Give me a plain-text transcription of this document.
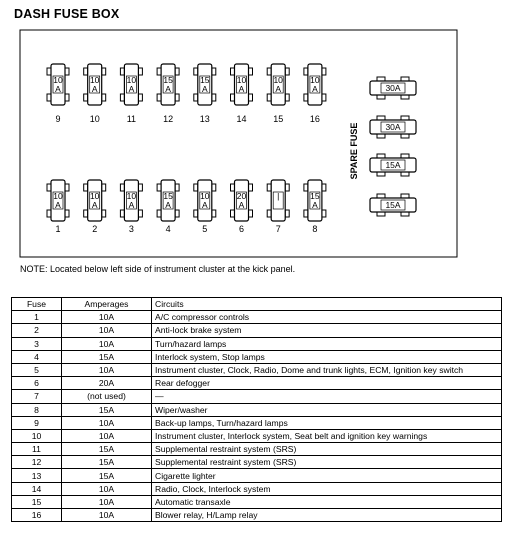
DASH FUSE BOX
10
A
9
10
A
10
10
A
11
15
A
12
15
A
13
10
A
14
10
A
15
10
A
16
10
A
1
10
A
2
10
A
3
15
A
4
10
A
5
20
A
6
|
7
15
A
8
30A
30A
15A
15A
SPARE FUSE
NOTE: Located below left side of instrument cluster at the kick panel.
Fuse	Amperages	Circuits
1	10A	A/C compressor controls
2	10A	Anti-lock brake system
3	10A	Turn/hazard lamps
4	15A	Interlock system, Stop lamps
5	10A	Instrument cluster, Clock, Radio, Dome and trunk lights, ECM, Ignition key switch
6	20A	Rear defogger
7	(not used)	—
8	15A	Wiper/washer
9	10A	Back-up lamps, Turn/hazard lamps
10	10A	Instrument cluster, Interlock system, Seat belt and ignition key warnings
11	15A	Supplemental restraint system (SRS)
12	15A	Supplemental restraint system (SRS)
13	15A	Cigarette lighter
14	10A	Radio, Clock, Interlock system
15	10A	Automatic transaxle
16	10A	Blower relay, H/Lamp relay
